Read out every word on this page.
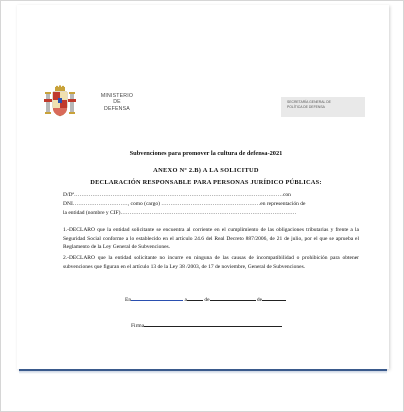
MINISTERIO
DE
DEFENSA
SECRETARÍA GENERAL DE
POLÍTICA DE DEFENSA
Subvenciones para promover la cultura de defensa-2021
ANEXO Nº 2.B) A LA SOLICITUD
DECLARACIÓN RESPONSABLE PARA PERSONAS JURÍDICO PÚBLICAS:
D/Dª……………………………………………………………………………………………………con
DNI…………………………, como (cargo) ………………………………………………en representación de
la entidad (nombre y CIF)……………………………………………………………………………………
1.-DECLARO que la entidad solicitante se encuentra al corriente en el cumplimiento de las obligaciones tributarias y frente a la Seguridad Social conforme a lo establecido en el artículo 24.6 del Real Decreto 887/2006, de 21 de julio, por el que se aprueba el Reglamento de la Ley General de Subvenciones.
2.-DECLARO que la entidad solicitante no incurre en ninguna de las causas de incompatibilidad o prohibición para obtener subvenciones que figuran en el artículo 13 de la Ley 38 /2003, de 17 de noviembre, General de Subvenciones.
En	a	de	de
Firma
